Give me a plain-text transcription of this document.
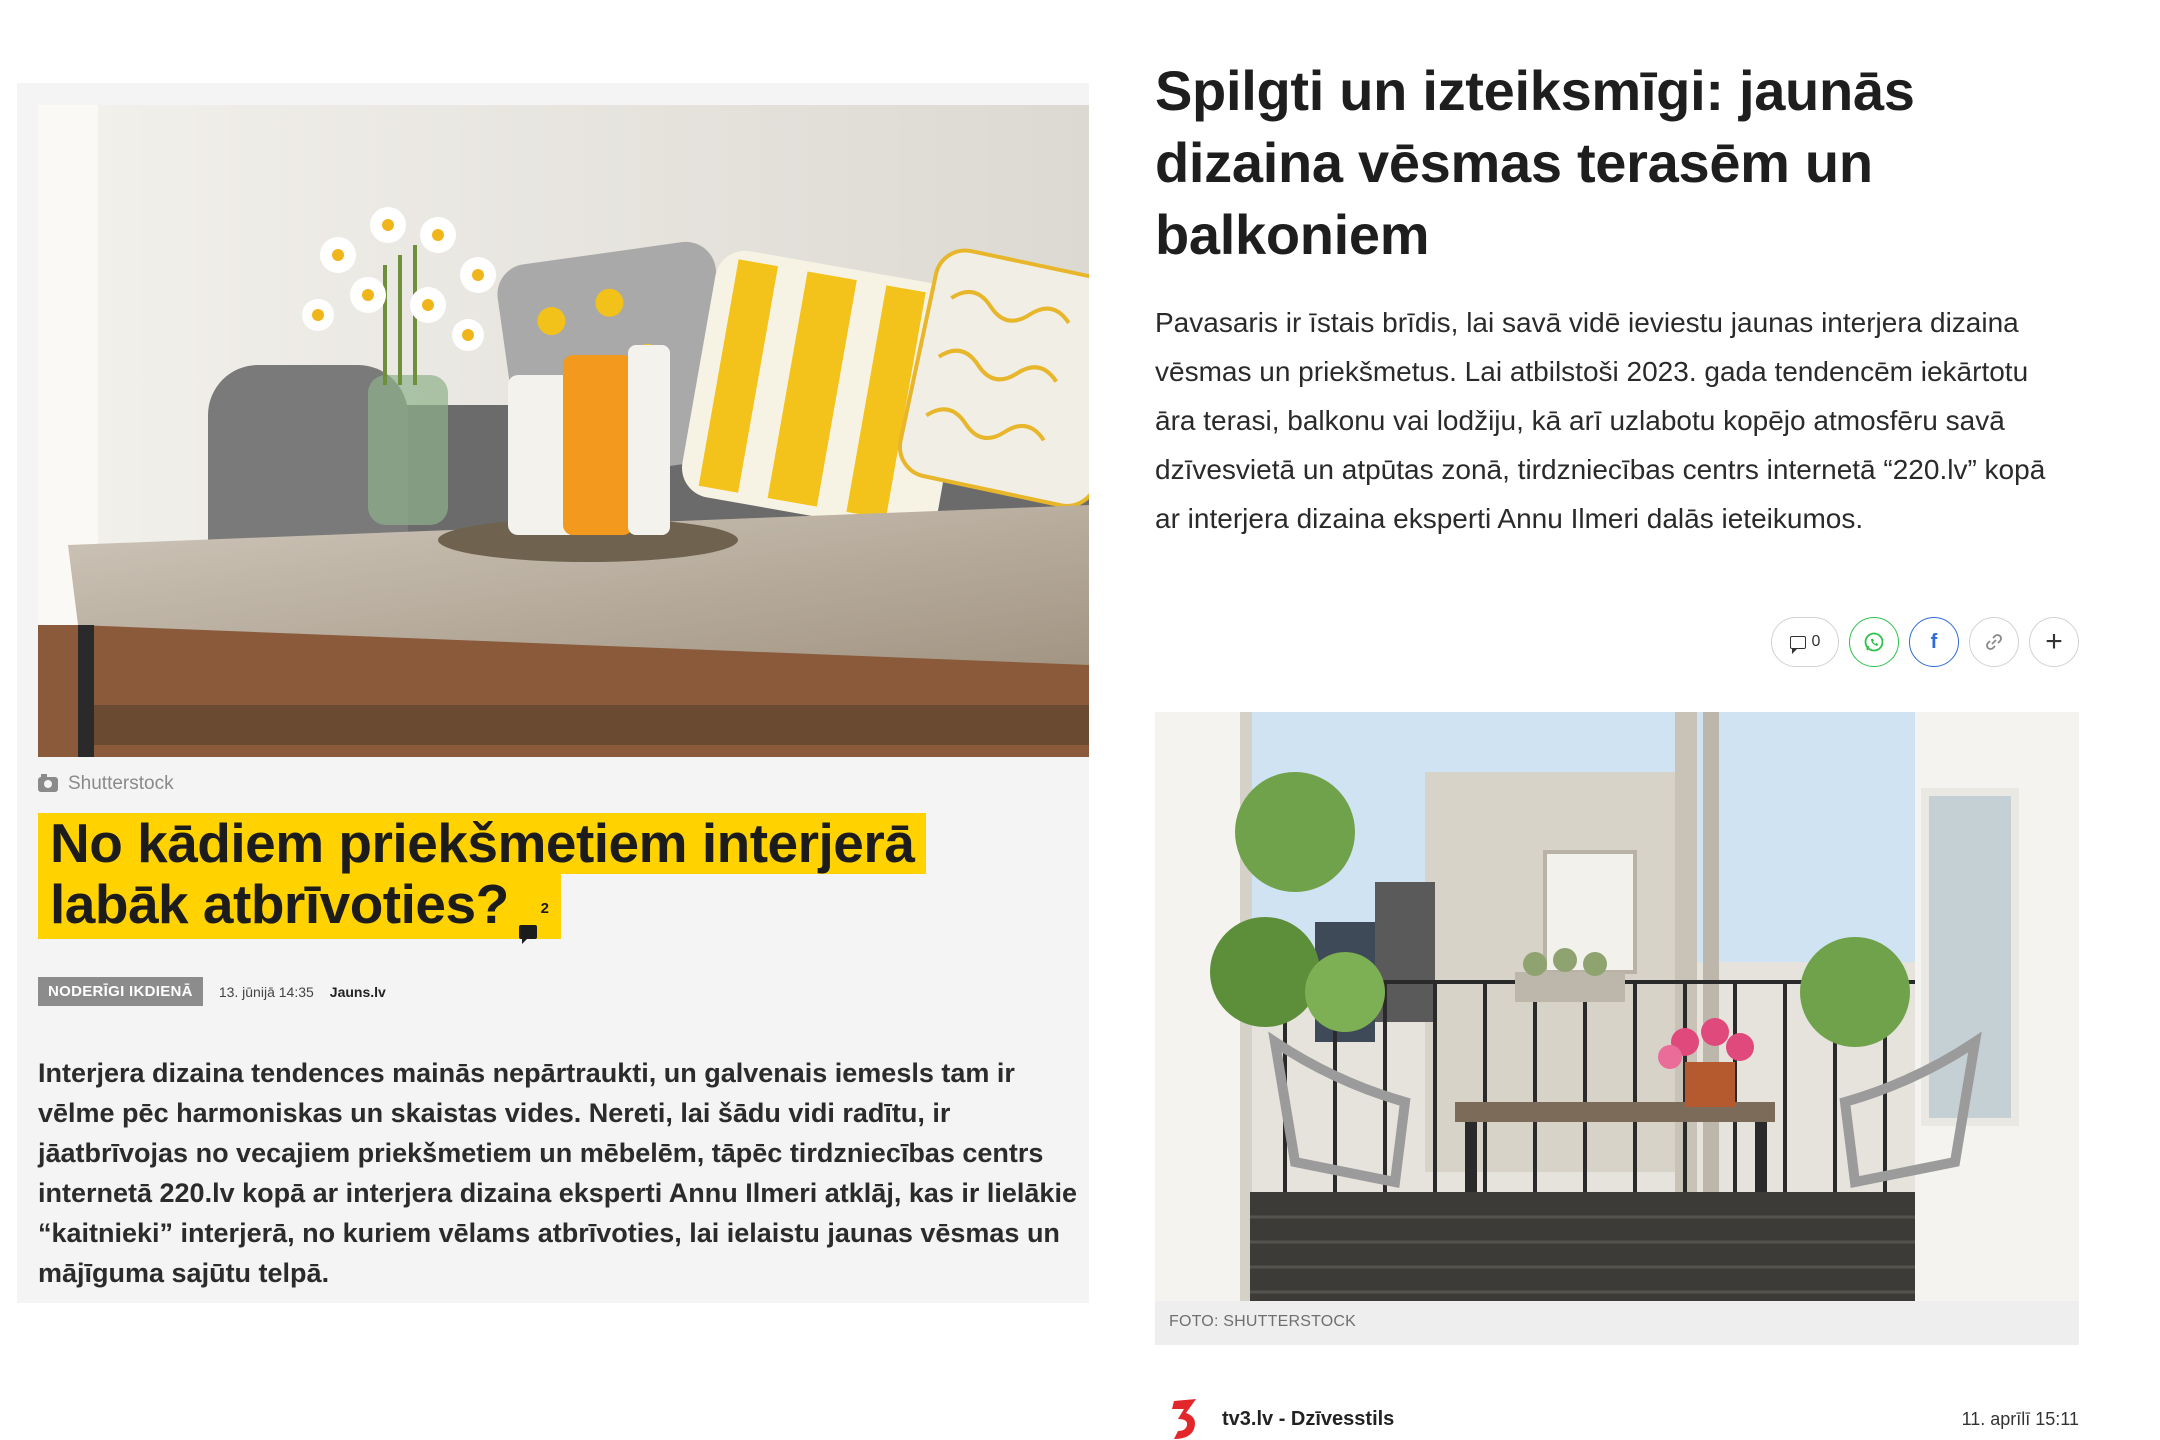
Shutterstock
No kādiem priekšmetiem interjerā
labāk atbrīvoties? 2
NODERĪGI IKDIENĀ	13. jūnijā 14:35 Jauns.lv

Interjera dizaina tendences mainās nepārtraukti, un galvenais iemesls tam ir vēlme pēc harmoniskas un skaistas vides. Nereti, lai šādu vidi radītu, ir jāatbrīvojas no vecajiem priekšmetiem un mēbelēm, tāpēc tirdzniecības centrs internetā 220.lv kopā ar interjera dizaina eksperti Annu Ilmeri atklāj, kas ir lielākie “kaitnieki” interjerā, no kuriem vēlams atbrīvoties, lai ielaistu jaunas vēsmas un mājīguma sajūtu telpā.

Spilgti un izteiksmīgi: jaunās dizaina vēsmas terasēm un balkoniem

Pavasaris ir īstais brīdis, lai savā vidē ieviestu jaunas interjera dizaina vēsmas un priekšmetus. Lai atbilstoši 2023. gada tendencēm iekārtotu āra terasi, balkonu vai lodžiju, kā arī uzlabotu kopējo atmosfēru savā dzīvesvietā un atpūtas zonā, tirdzniecības centrs internetā “220.lv” kopā ar interjera dizaina eksperti Annu Ilmeri dalās ieteikumos.

0	f	+
FOTO: SHUTTERSTOCK
tv3.lv - Dzīvesstils	11. aprīlī 15:11
